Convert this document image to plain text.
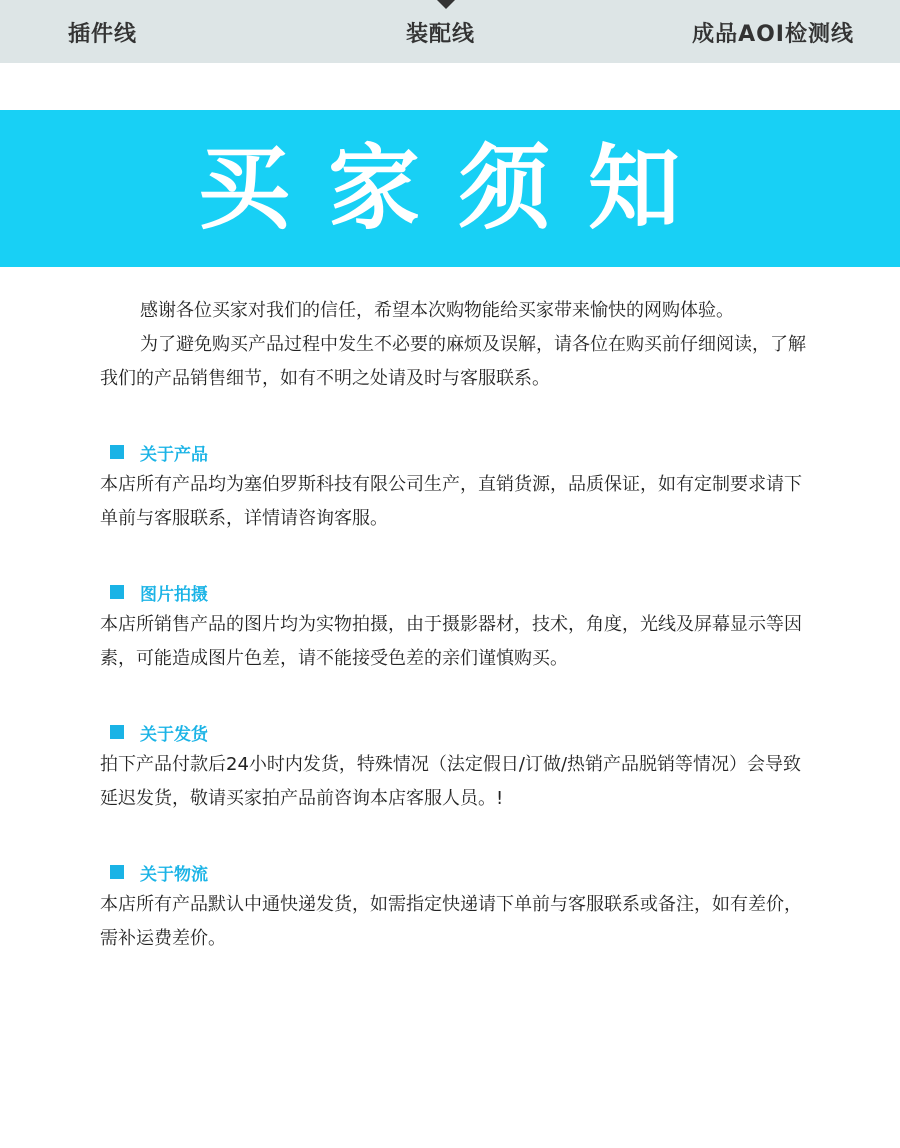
插件线	装配线	成品AOI检测线
买家须知

感谢各位买家对我们的信任，希望本次购物能给买家带来愉快的网购体验。

为了避免购买产品过程中发生不必要的麻烦及误解，请各位在购买前仔细阅读，了解我们的产品销售细节，如有不明之处请及时与客服联系。

关于产品

本店所有产品均为塞伯罗斯科技有限公司生产，直销货源，品质保证，如有定制要求请下单前与客服联系，详情请咨询客服。

图片拍摄

本店所销售产品的图片均为实物拍摄，由于摄影器材，技术，角度，光线及屏幕显示等因素，可能造成图片色差，请不能接受色差的亲们谨慎购买。

关于发货

拍下产品付款后24小时内发货，特殊情况（法定假日/订做/热销产品脱销等情况）会导致延迟发货，敬请买家拍产品前咨询本店客服人员。!

关于物流

本店所有产品默认中通快递发货，如需指定快递请下单前与客服联系或备注，如有差价，需补运费差价。
